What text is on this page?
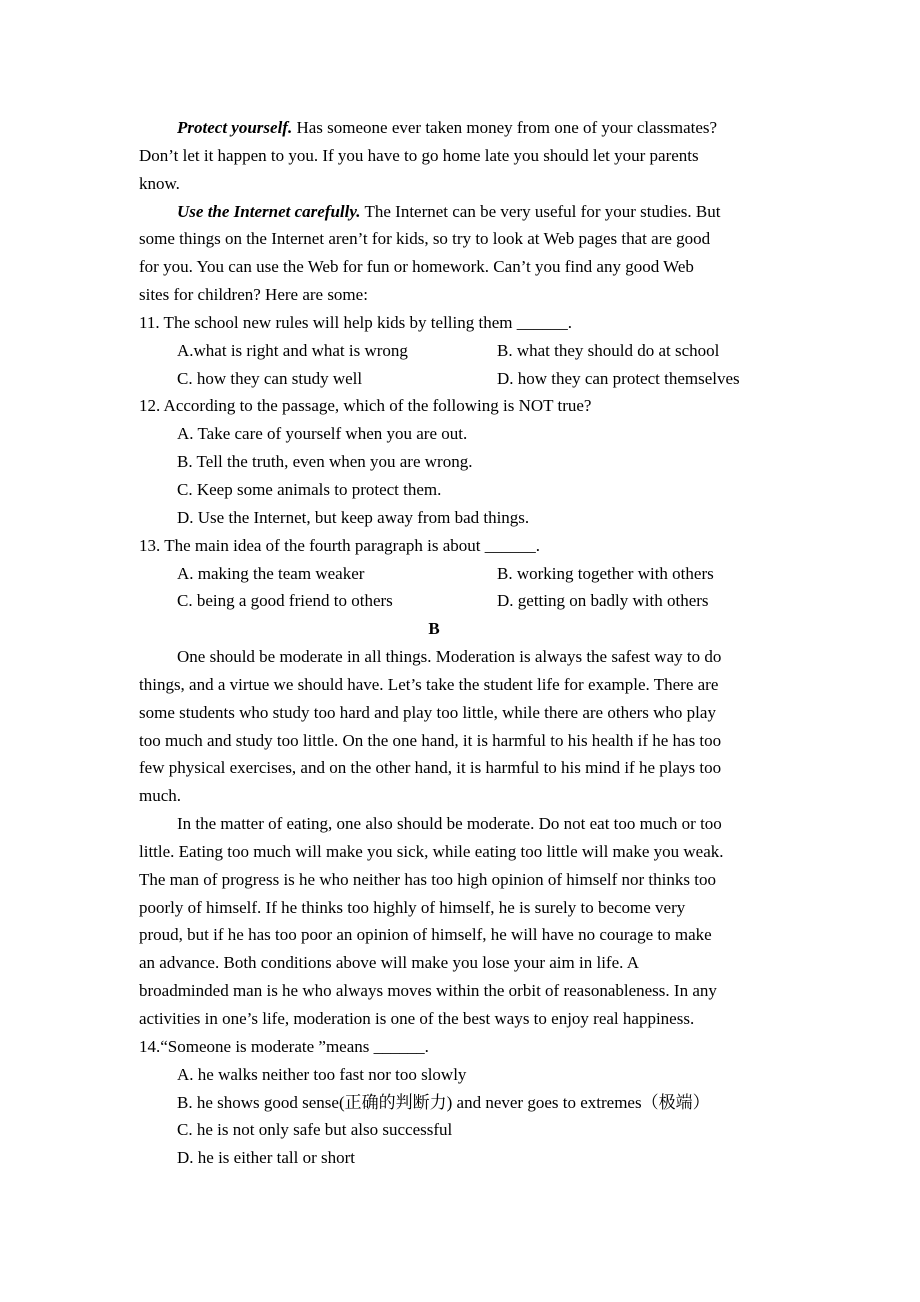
Protect yourself. Has someone ever taken money from one of your classmates?
Don’t let it happen to you. If you have to go home late you should let your parents
know.
Use the Internet carefully. The Internet can be very useful for your studies. But
some things on the Internet aren’t for kids, so try to look at Web pages that are good
for you. You can use the Web for fun or homework. Can’t you find any good Web
sites for children? Here are some:
11. The school new rules will help kids by telling them ______.
A.what is right and what is wrong	B. what they should do at school
C. how they can study well	D. how they can protect themselves
12. According to the passage, which of the following is NOT true?
A. Take care of yourself when you are out.
B. Tell the truth, even when you are wrong.
C. Keep some animals to protect them.
D. Use the Internet, but keep away from bad things.
13. The main idea of the fourth paragraph is about ______.
A. making the team weaker	B. working together with others
C. being a good friend to others	D. getting on badly with others
B
One should be moderate in all things. Moderation is always the safest way to do
things, and a virtue we should have. Let’s take the student life for example. There are
some students who study too hard and play too little, while there are others who play
too much and study too little. On the one hand, it is harmful to his health if he has too
few physical exercises, and on the other hand, it is harmful to his mind if he plays too
much.
In the matter of eating, one also should be moderate. Do not eat too much or too
little. Eating too much will make you sick, while eating too little will make you weak.
The man of progress is he who neither has too high opinion of himself nor thinks too
poorly of himself. If he thinks too highly of himself, he is surely to become very
proud, but if he has too poor an opinion of himself, he will have no courage to make
an advance. Both conditions above will make you lose your aim in life. A
broadminded man is he who always moves within the orbit of reasonableness. In any
activities in one’s life, moderation is one of the best ways to enjoy real happiness.
14.“Someone is moderate ”means ______.
A. he walks neither too fast nor too slowly
B. he shows good sense(正确的判断力) and never goes to extremes（极端）
C. he is not only safe but also successful
D. he is either tall or short
